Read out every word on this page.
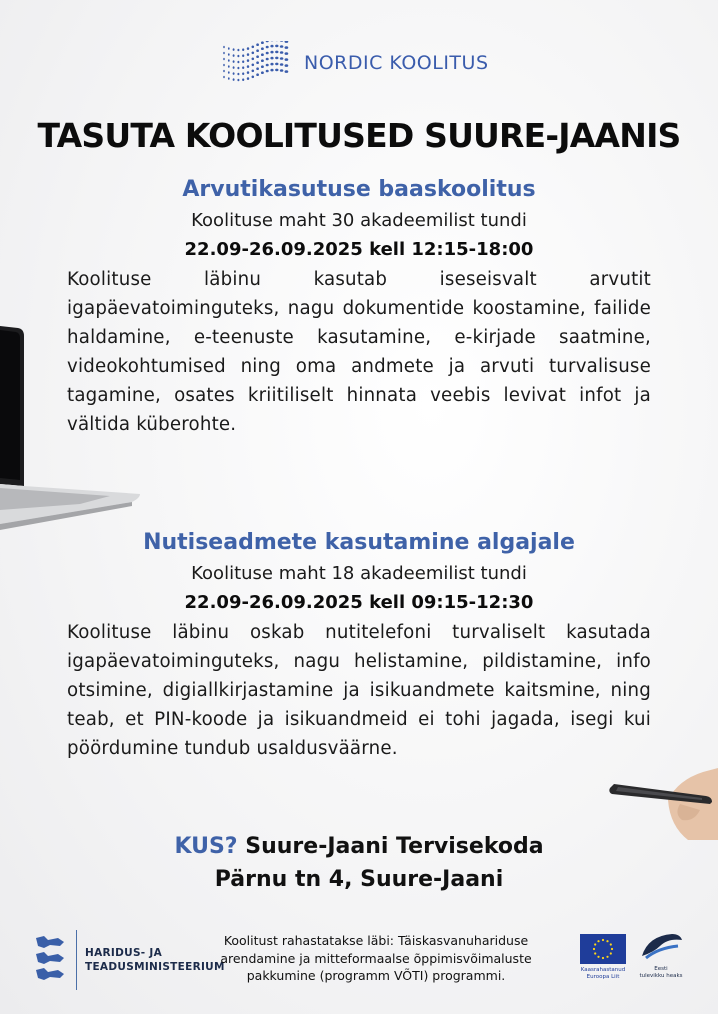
NORDIC KOOLITUS
TASUTA KOOLITUSED SUURE-JAANIS
Arvutikasutuse baaskoolitus
Koolituse maht 30 akadeemilist tundi
22.09-26.09.2025 kell 12:15-18:00
Koolituse läbinu kasutab iseseisvalt arvutit igapäevatoiminguteks, nagu dokumentide koostamine, failide haldamine, e-teenuste kasutamine, e-kirjade saatmine, videokohtumised ning oma andmete ja arvuti turvalisuse tagamine, osates kriitiliselt hinnata veebis levivat infot ja vältida küberohte.
Nutiseadmete kasutamine algajale
Koolituse maht 18 akadeemilist tundi
22.09-26.09.2025 kell 09:15-12:30
Koolituse läbinu oskab nutitelefoni turvaliselt kasutada igapäevatoiminguteks, nagu helistamine, pildistamine, info otsimine, digiallkirjastamine ja isikuandmete kaitsmine, ning teab, et PIN-koode ja isikuandmeid ei tohi jagada, isegi kui pöördumine tundub usaldusväärne.
KUS? Suure-Jaani Tervisekoda
Pärnu tn 4, Suure-Jaani
HARIDUS- JA
TEADUSMINISTEERIUM
Koolitust rahastatakse läbi: Täiskasvanuhariduse
arendamine ja mitteformaalse õppimisvõimaluste
pakkumine (programm VÕTI) programmi.	Kaasrahastanud
Euroopa Liit
Eesti
tulevikku heaks
